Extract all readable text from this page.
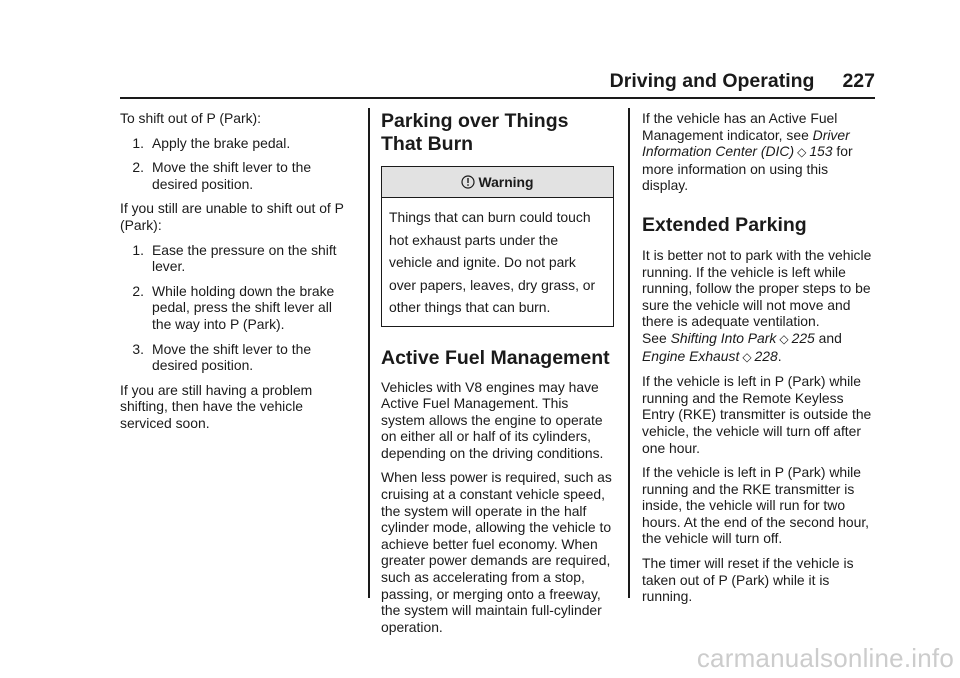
Driving and Operating 227

To shift out of P (Park):

1. Apply the brake pedal.
2. Move the shift lever to the desired position.

If you still are unable to shift out of P (Park):

1. Ease the pressure on the shift lever.
2. While holding down the brake pedal, press the shift lever all the way into P (Park).
3. Move the shift lever to the desired position.

If you are still having a problem shifting, then have the vehicle serviced soon.

Parking over Things That Burn
Warning
Things that can burn could touch hot exhaust parts under the vehicle and ignite. Do not park over papers, leaves, dry grass, or other things that can burn.
Active Fuel Management

Vehicles with V8 engines may have Active Fuel Management. This system allows the engine to operate on either all or half of its cylinders, depending on the driving conditions.

When less power is required, such as cruising at a constant vehicle speed, the system will operate in the half cylinder mode, allowing the vehicle to achieve better fuel economy. When greater power demands are required, such as accelerating from a stop, passing, or merging onto a freeway, the system will maintain full-cylinder operation.

If the vehicle has an Active Fuel Management indicator, see Driver Information Center (DIC) ◇ 153 for more information on using this display.

Extended Parking

It is better not to park with the vehicle running. If the vehicle is left while running, follow the proper steps to be sure the vehicle will not move and there is adequate ventilation.

See Shifting Into Park ◇ 225 and
Engine Exhaust ◇ 228.

If the vehicle is left in P (Park) while running and the Remote Keyless Entry (RKE) transmitter is outside the vehicle, the vehicle will turn off after one hour.

If the vehicle is left in P (Park) while running and the RKE transmitter is inside, the vehicle will run for two hours. At the end of the second hour, the vehicle will turn off.

The timer will reset if the vehicle is taken out of P (Park) while it is running.

carmanualsonline.info
